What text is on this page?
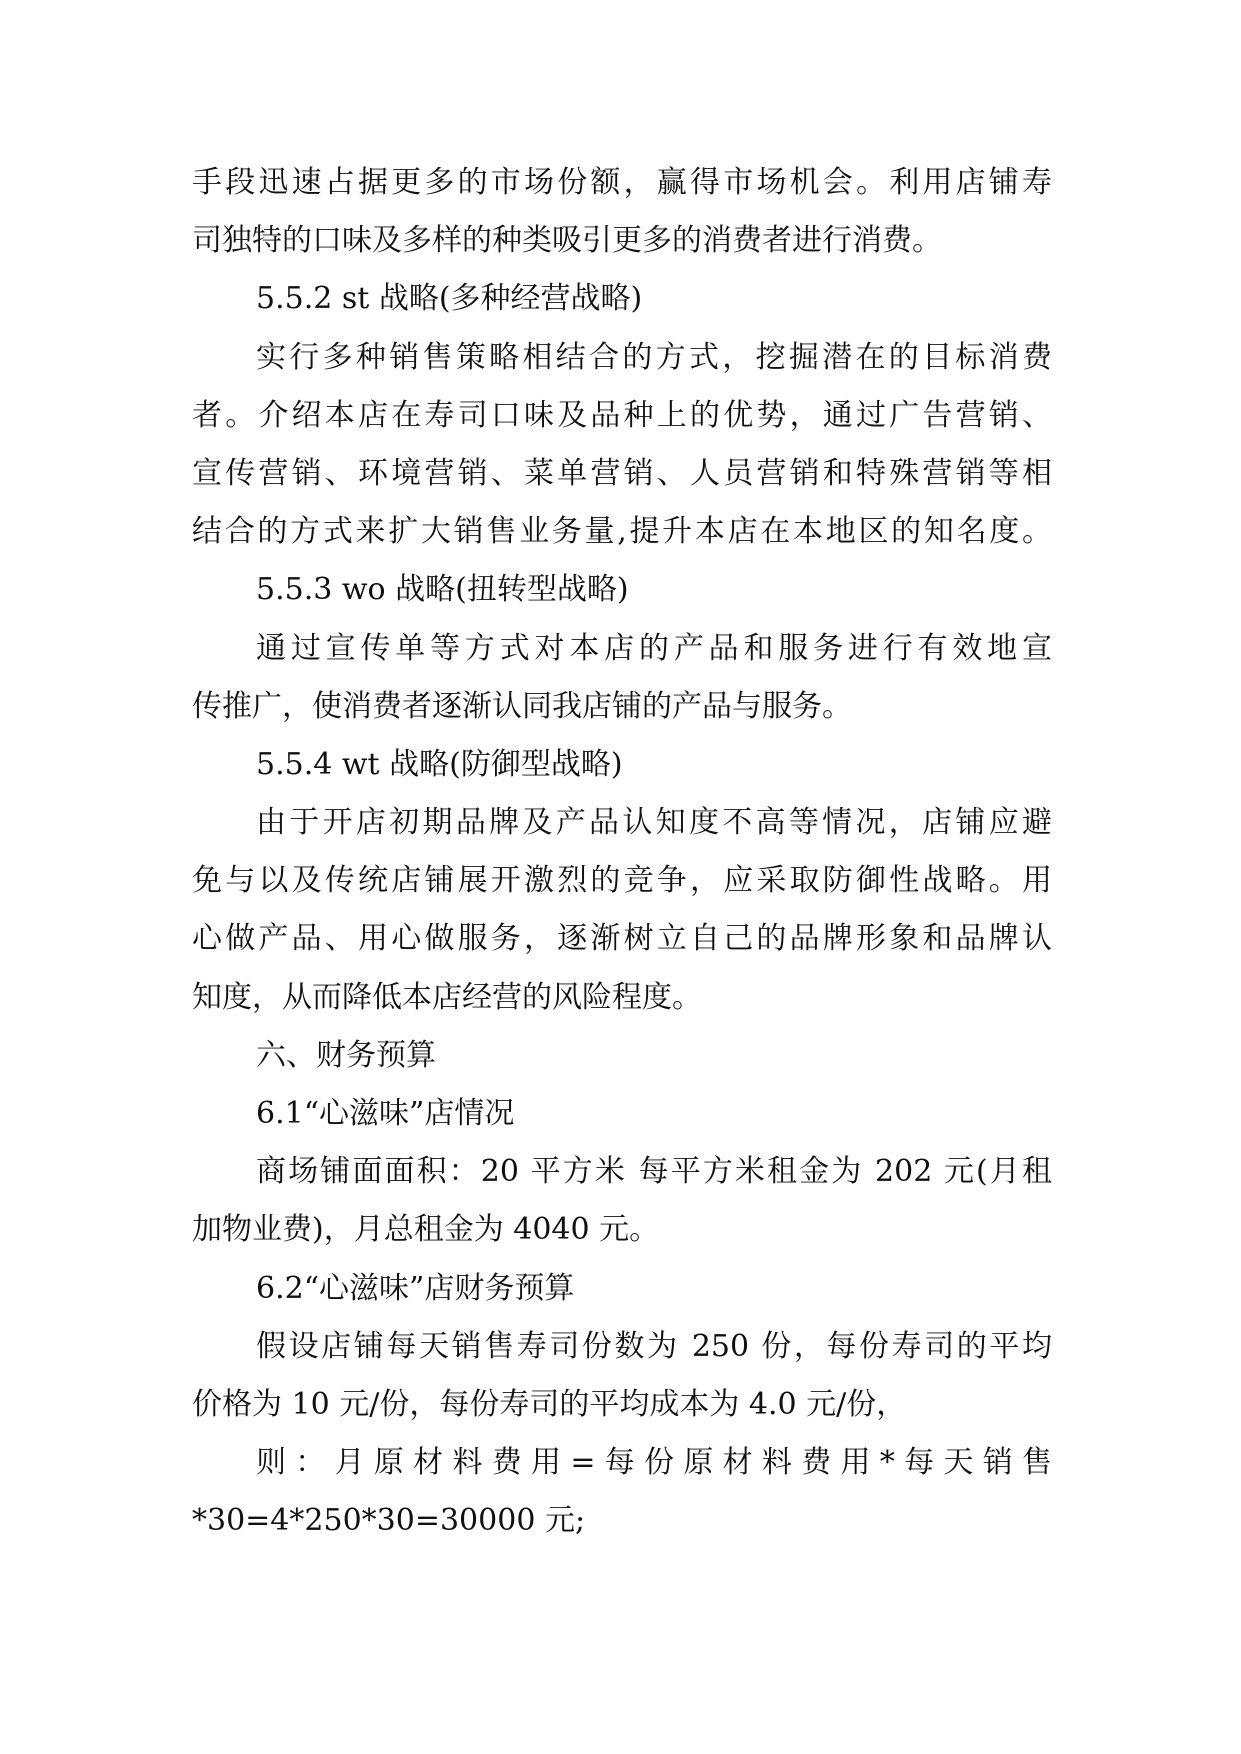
手段迅速占据更多的市场份额，赢得市场机会。利用店铺寿
司独特的口味及多样的种类吸引更多的消费者进行消费。
5.5.2 st 战略(多种经营战略)
实行多种销售策略相结合的方式，挖掘潜在的目标消费
者。介绍本店在寿司口味及品种上的优势，通过广告营销、
宣传营销、环境营销、菜单营销、人员营销和特殊营销等相
结合的方式来扩大销售业务量,提升本店在本地区的知名度。
5.5.3 wo 战略(扭转型战略)
通过宣传单等方式对本店的产品和服务进行有效地宣
传推广，使消费者逐渐认同我店铺的产品与服务。
5.5.4 wt 战略(防御型战略)
由于开店初期品牌及产品认知度不高等情况，店铺应避
免与以及传统店铺展开激烈的竞争，应采取防御性战略。用
心做产品、用心做服务，逐渐树立自己的品牌形象和品牌认
知度，从而降低本店经营的风险程度。
六、财务预算
6.1“心滋味”店情况
商场铺面面积：20 平方米 每平方米租金为 202 元(月租
加物业费)，月总租金为 4040 元。
6.2“心滋味”店财务预算
假设店铺每天销售寿司份数为 250 份，每份寿司的平均
价格为 10 元/份，每份寿司的平均成本为 4.0 元/份，
则：月原材料费用=每份原材料费用*每天销售
*30=4*250*30=30000 元;
